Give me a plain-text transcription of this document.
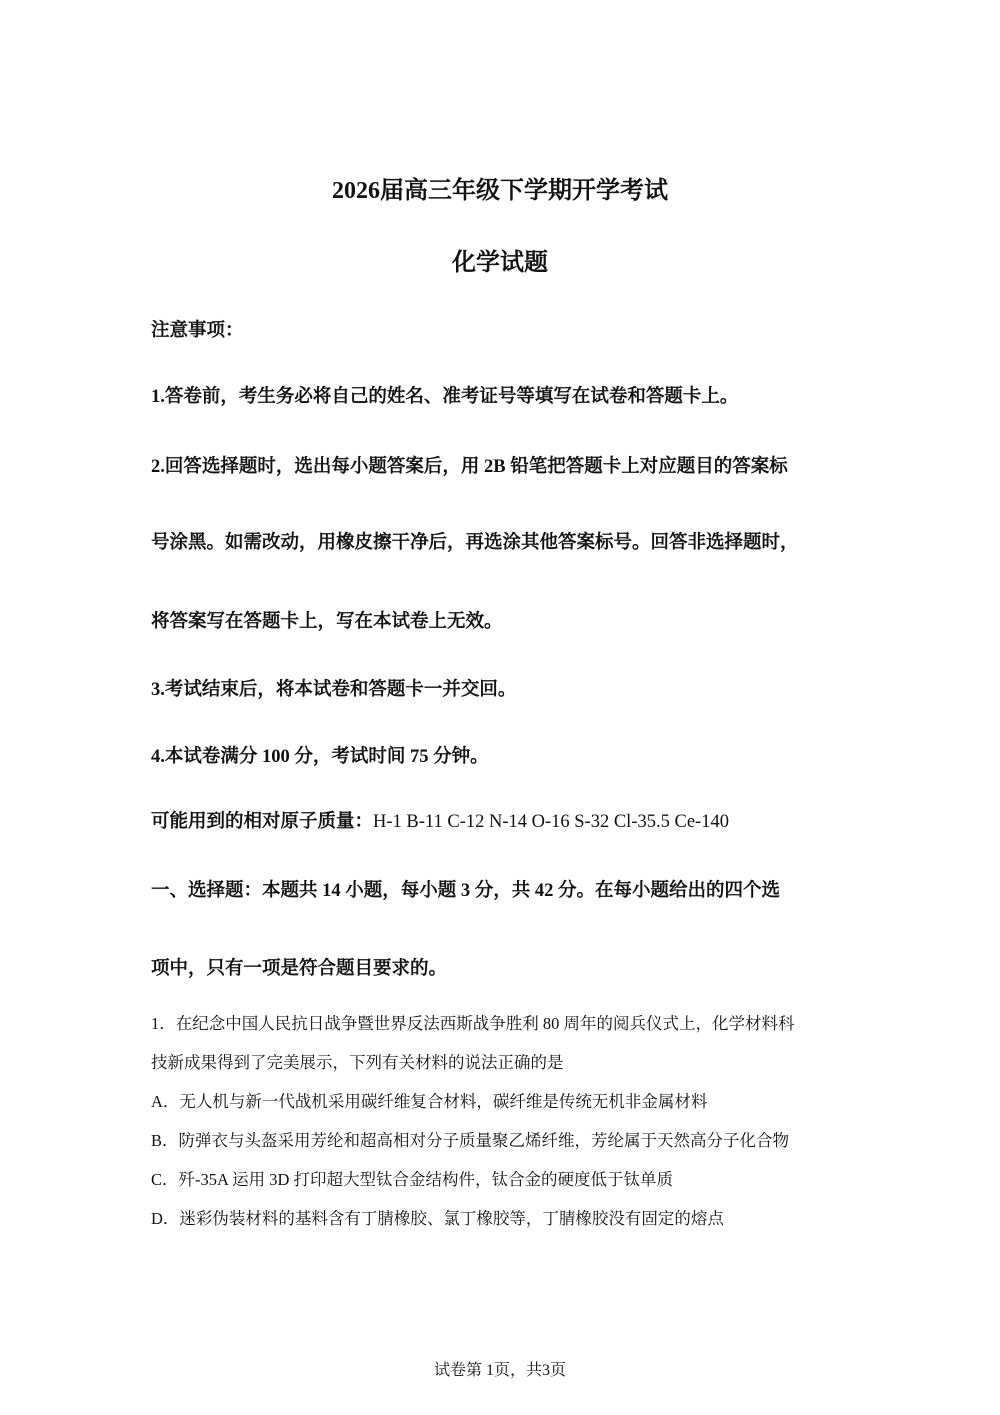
2026届高三年级下学期开学考试
化学试题
注意事项：
1.答卷前，考生务必将自己的姓名、准考证号等填写在试卷和答题卡上。
2.回答选择题时，选出每小题答案后，用 2B 铅笔把答题卡上对应题目的答案标
号涂黑。如需改动，用橡皮擦干净后，再选涂其他答案标号。回答非选择题时，
将答案写在答题卡上，写在本试卷上无效。
3.考试结束后，将本试卷和答题卡一并交回。
4.本试卷满分 100 分，考试时间 75 分钟。
可能用到的相对原子质量：H-1 B-11 C-12 N-14 O-16 S-32 Cl-35.5 Ce-140
一、选择题：本题共 14 小题，每小题 3 分，共 42 分。在每小题给出的四个选
项中，只有一项是符合题目要求的。
1．在纪念中国人民抗日战争暨世界反法西斯战争胜利 80 周年的阅兵仪式上，化学材料科
技新成果得到了完美展示，下列有关材料的说法正确的是
A．无人机与新一代战机采用碳纤维复合材料，碳纤维是传统无机非金属材料
B．防弹衣与头盔采用芳纶和超高相对分子质量聚乙烯纤维，芳纶属于天然高分子化合物
C．歼-35A 运用 3D 打印超大型钛合金结构件，钛合金的硬度低于钛单质
D．迷彩伪装材料的基料含有丁腈橡胶、氯丁橡胶等，丁腈橡胶没有固定的熔点
试卷第 1页，共3页
